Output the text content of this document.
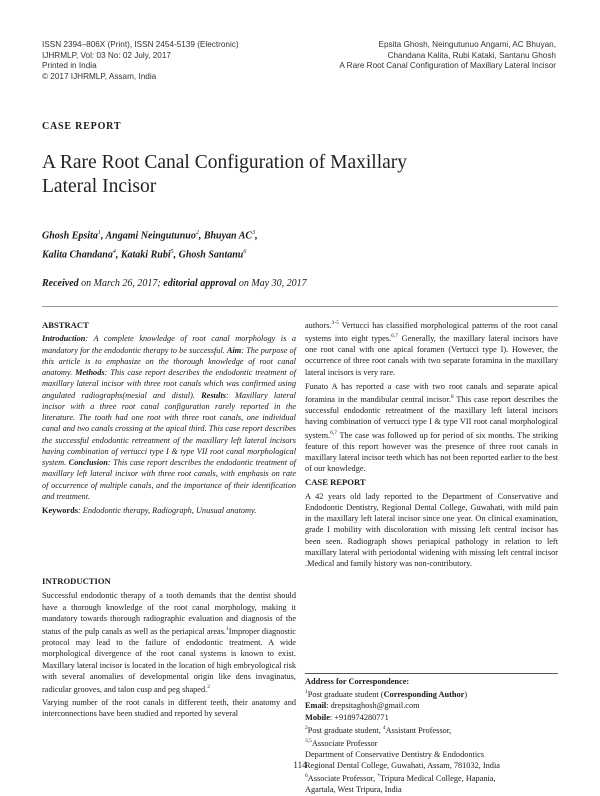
ISSN 2394–806X (Print), ISSN 2454-5139 (Electronic)
IJHRMLP, Vol: 03 No: 02 July, 2017
Printed in India
© 2017 IJHRMLP, Assam, India
Epsita Ghosh, Neingutunuo Angami, AC Bhuyan,
Chandana Kalita, Rubi Kataki, Santanu Ghosh
A Rare Root Canal Configuration of Maxillary Lateral Incisor
CASE REPORT
A Rare Root Canal Configuration of Maxillary Lateral Incisor
Ghosh Epsita$^1$, Angami Neingutunuo$^2$, Bhuyan $AC^3$,
Kalita Chandana$^4$, Kataki Rubi$^5$, Ghosh Santanu$^6$
Received on March 26, 2017; editorial approval on May 30, 2017

ABSTRACT

Introduction: A complete knowledge of root canal morphology is a mandatory for the endodontic therapy to be successful. Aim: The purpose of this article is to emphasize on the thorough knowledge of root canal anatomy. Methods: This case report describes the endodontic treatment of maxillary lateral incisor with three root canals which was confirmed using angulated radiographs(mesial and distal). Results: Maxillary lateral incisor with a three root canal configuration rarely reported in the literature. The tooth had one root with three root canals, one individual canal and two canals crossing at the apical third. This case report describes the successful endodontic retreatment of the maxillary left lateral incisors having combination of vertucci type I & type VII root canal morphological system. Conclusion: This case report describes the endodontic treatment of maxillary left lateral incisor with three root canals, with emphasis on rate of occurrence of multiple canals, and the importance of their identification and treatment.

Keywords: Endodontic therapy, Radiograph, Unusual anatomy.

INTRODUCTION

Successful endodontic therapy of a tooth demands that the dentist should have a thorough knowledge of the root canal morphology, making it mandatory towards thorough radiographic evaluation and diagnosis of the status of the pulp canals as well as the periapical areas.$^1$Improper diagnostic protocol may lead to the failure of endodontic treatment. A wide morphological divergence of the root canal systems is known to exist. Maxillary lateral incisor is located in the location of high embryological risk with several anomalies of developmental origin like dens invaginatus, radicular grooves, and talon cusp and peg shaped.$^2$

Varying number of the root canals in different teeth, their anatomy and interconnections have been studied and reported by several

authors.$^{3-5}$ Vertucci has classified morphological patterns of the root canal systems into eight types.$^{6,7}$ Generally, the maxillary lateral incisors have one root canal with one apical foramen (Vertucci type I). However, the occurrence of three root canals with two separate foramina in the maxillary lateral incisors is very rare.

Funato A has reported a case with two root canals and separate apical foramina in the mandibular central incisor.$^8$ This case report describes the successful endodontic retreatment of the maxillary left lateral incisors having combination of vertucci type I & type VII root canal morphological system.$^{6,7}$ The case was followed up for period of six months. The striking feature of this report however was the presence of three root canals in maxillary lateral incisor teeth which has not been reported earlier to the best of our knowledge.

CASE REPORT

A 42 years old lady reported to the Department of Conservative and Endodontic Dentistry, Regional Dental College, Guwahati, with mild pain in the maxillary left lateral incisor since one year. On clinical examination, grade I mobility with discoloration with missing left central incisor has been seen. Radiograph shows periapical pathology in relation to left maxillary lateral with periodontal widening with missing left central incisor .Medical and family history was non-contributory.

Address for Correspondence:
$^1$Post graduate student (Corresponding Author)
Email: drepsitaghosh@gmail.com
Mobile: +918974280771
$^2$Post graduate student, $^4$Assistant Professor,
$^{3,5}$Associate Professor
Department of Conservative Dentistry & Endodontics
Regional Dental College, Guwahati, Assam, 781032, India
$^6$Associate Professor, *Tripura Medical College, Hapania,
Agartala, West Tripura, India
114
